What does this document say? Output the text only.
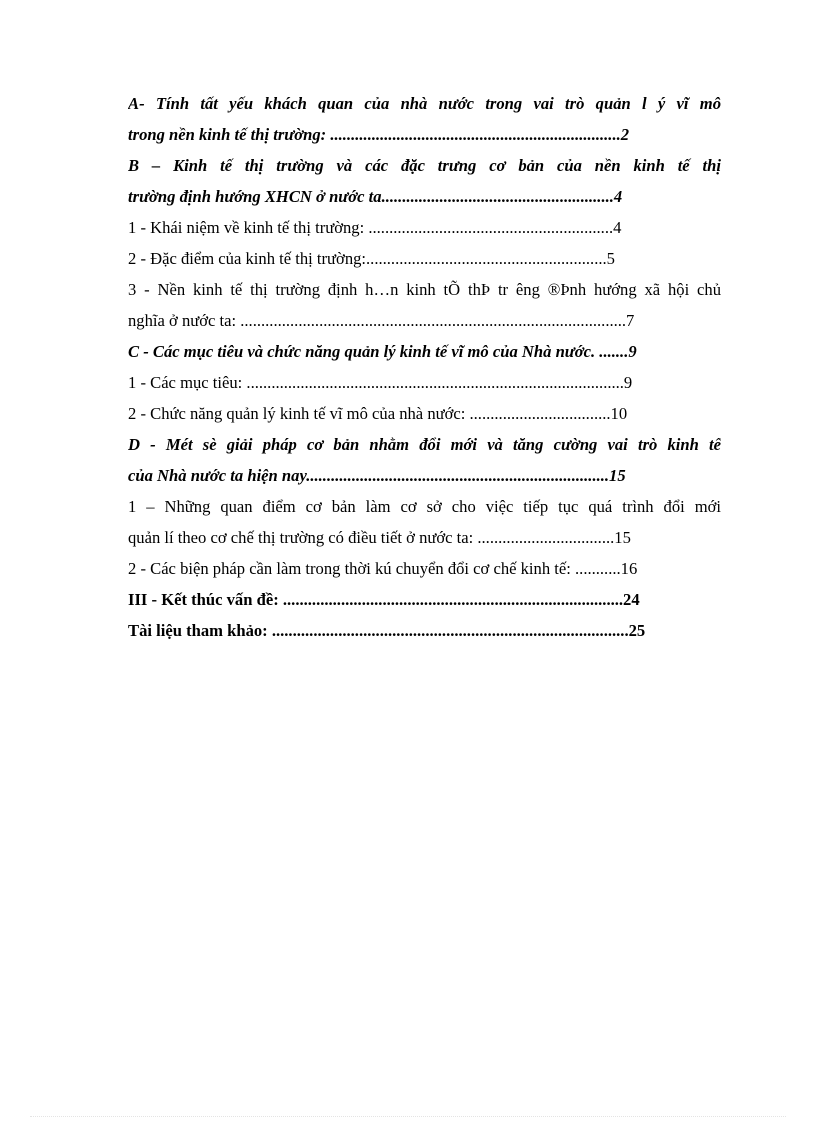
A- Tính tất yếu khách quan của nhà nước trong vai trò quản l ý vĩ mô
trong nền kinh tế thị trường: ......................................................................2
B – Kinh tế thị trường và các đặc trưng cơ bản của nền kinh tế thị
trường định hướng XHCN ở nước ta........................................................4
1 - Khái niệm về kinh tế thị trường: ...........................................................4
2 - Đặc điểm của kinh tế thị trường:..........................................................5
3 - Nền kinh tế thị trường định h…n kinh tÕ thÞ tr êng ®Þnh hướng xã hội chủ
nghĩa ở nước ta: .............................................................................................7
C - Các mục tiêu và chức năng quản lý kinh tế vĩ mô của Nhà nước. .......9
1 - Các mục tiêu: ...........................................................................................9
2 - Chức năng quản lý kinh tế vĩ mô của nhà nước: ..................................10
D - Mét sè giải pháp cơ bản nhằm đổi mới và tăng cường vai trò kinh tế
của Nhà nước ta hiện nay.........................................................................15
1 – Những quan điểm cơ bản làm cơ sở cho việc tiếp tục quá trình đổi mới
quản lí theo cơ chế thị trường có điều tiết ở nước ta: .................................15
2 - Các biện pháp cần làm trong thời kú chuyển đổi cơ chế kinh tế: ...........16
III - Kết thúc vấn đề: ..................................................................................24
Tài liệu tham khảo: ......................................................................................25
